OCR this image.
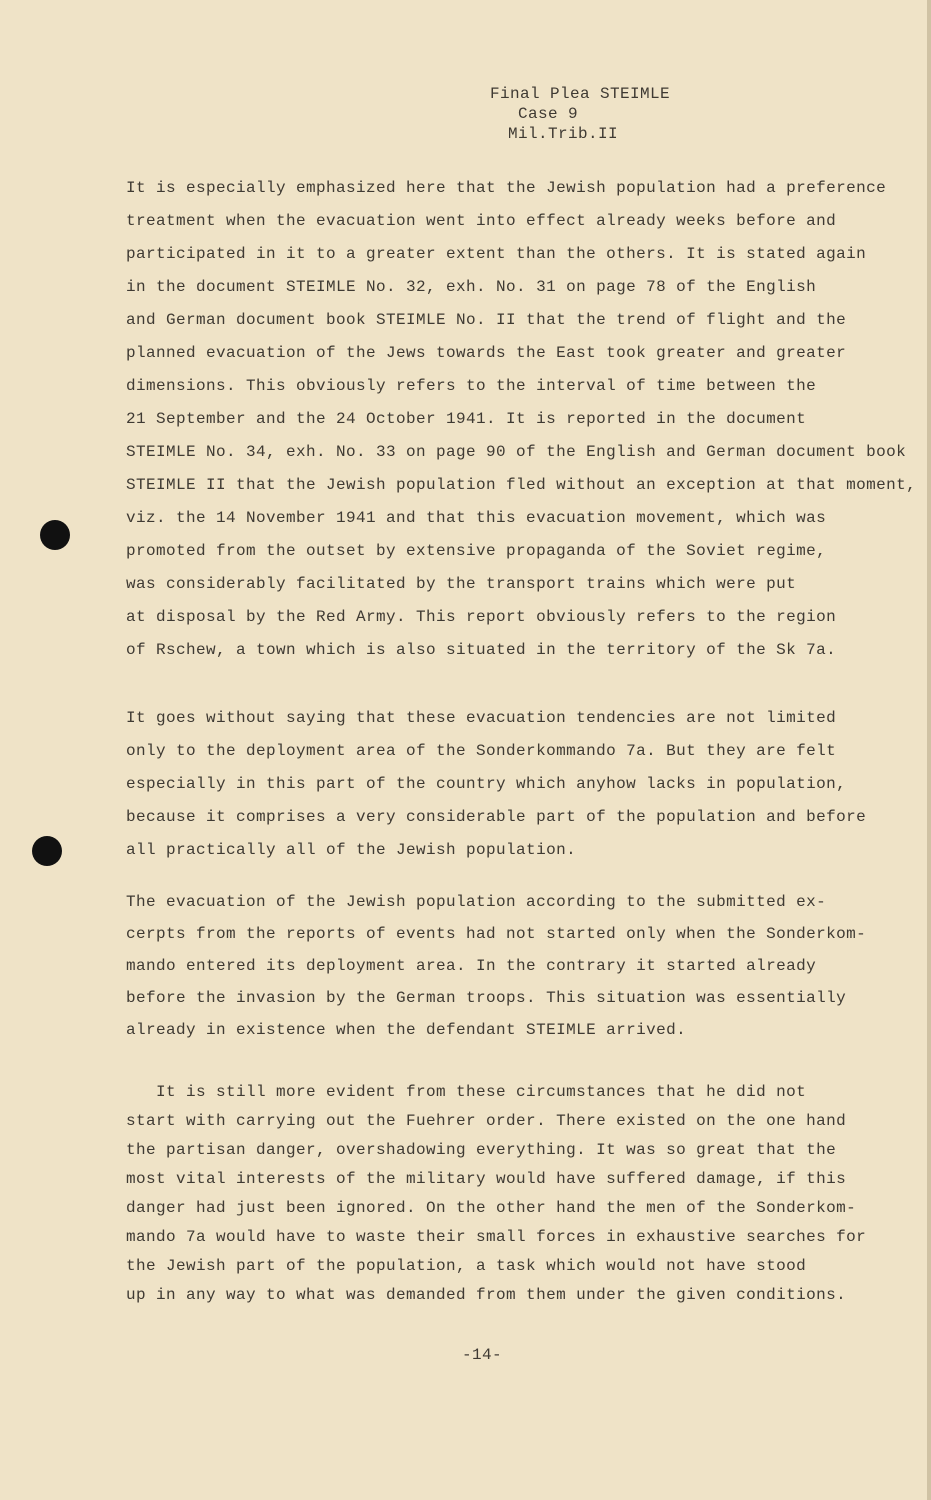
Final Plea STEIMLE
Case 9
Mil.Trib.II
It is especially emphasized here that the Jewish population had a preference
treatment when the evacuation went into effect already weeks before and
participated in it to a greater extent than the others. It is stated again
in the document STEIMLE No. 32, exh. No. 31 on page 78 of the English
and German document book STEIMLE No. II that the trend of flight and the
planned evacuation of the Jews towards the East took greater and greater
dimensions. This obviously refers to the interval of time between the
21 September and the 24 October 1941. It is reported in the document
STEIMLE No. 34, exh. No. 33 on page 90 of the English and German document book
STEIMLE II that the Jewish population fled without an exception at that moment,
viz. the 14 November 1941 and that this evacuation movement, which was
promoted from the outset by extensive propaganda of the Soviet regime,
was considerably facilitated by the transport trains which were put
at disposal by the Red Army. This report obviously refers to the region
of Rschew, a town which is also situated in the territory of the Sk 7a.
It goes without saying that these evacuation tendencies are not limited
only to the deployment area of the Sonderkommando 7a. But they are felt
especially in this part of the country which anyhow lacks in population,
because it comprises a very considerable part of the population and before
all practically all of the Jewish population.
The evacuation of the Jewish population according to the submitted ex-
cerpts from the reports of events had not started only when the Sonderkom-
mando entered its deployment area. In the contrary it started already
before the invasion by the German troops. This situation was essentially
already in existence when the defendant STEIMLE arrived.
It is still more evident from these circumstances that he did not
start with carrying out the Fuehrer order. There existed on the one hand
the partisan danger, overshadowing everything. It was so great that the
most vital interests of the military would have suffered damage, if this
danger had just been ignored. On the other hand the men of the Sonderkom-
mando 7a would have to waste their small forces in exhaustive searches for
the Jewish part of the population, a task which would not have stood
up in any way to what was demanded from them under the given conditions.
-14-
